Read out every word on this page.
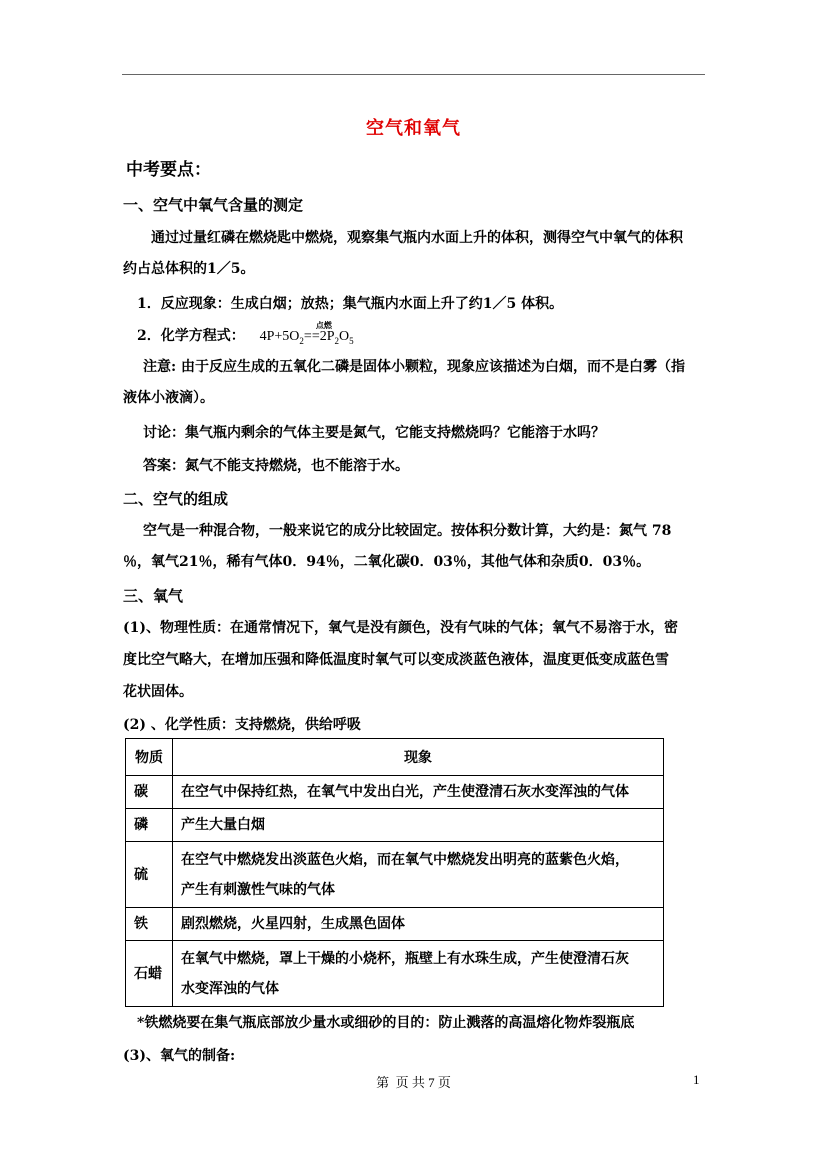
空气和氧气
中考要点：
一、空气中氧气含量的测定
通过过量红磷在燃烧匙中燃烧，观察集气瓶内水面上升的体积，测得空气中氧气的体积
约占总体积的1／5。
1．反应现象：生成白烟；放热；集气瓶内水面上升了约1／5 体积。
2．化学方程式： $4P+5O_2$
点燃
$==2P_2O_5$
注意: 由于反应生成的五氧化二磷是固体小颗粒，现象应该描述为白烟，而不是白雾（指
液体小液滴）。
讨论：集气瓶内剩余的气体主要是氮气，它能支持燃烧吗？它能溶于水吗？
答案：氮气不能支持燃烧，也不能溶于水。
二、空气的组成
空气是一种混合物，一般来说它的成分比较固定。按体积分数计算，大约是：氮气 78
％，氧气21％，稀有气体0．94％，二氧化碳0．03％，其他气体和杂质0．03％。
三、氧气
(1)、物理性质：在通常情况下，氧气是没有颜色，没有气味的气体；氧气不易溶于水，密
度比空气略大，在增加压强和降低温度时氧气可以变成淡蓝色液体，温度更低变成蓝色雪
花状固体。
(2) 、化学性质：支持燃烧，供给呼吸
物质	现象
碳	在空气中保持红热，在氧气中发出白光，产生使澄清石灰水变浑浊的气体
磷	产生大量白烟
硫	在空气中燃烧发出淡蓝色火焰，而在氧气中燃烧发出明亮的蓝紫色火焰，
产生有刺激性气味的气体

铁	剧烈燃烧，火星四射，生成黑色固体
石蜡	在氧气中燃烧，罩上干燥的小烧杯，瓶壁上有水珠生成，产生使澄清石灰
水变浑浊的气体
*铁燃烧要在集气瓶底部放少量水或细砂的目的：防止溅落的高温熔化物炸裂瓶底
(3)、氧气的制备:
第  页 共 7 页	1
